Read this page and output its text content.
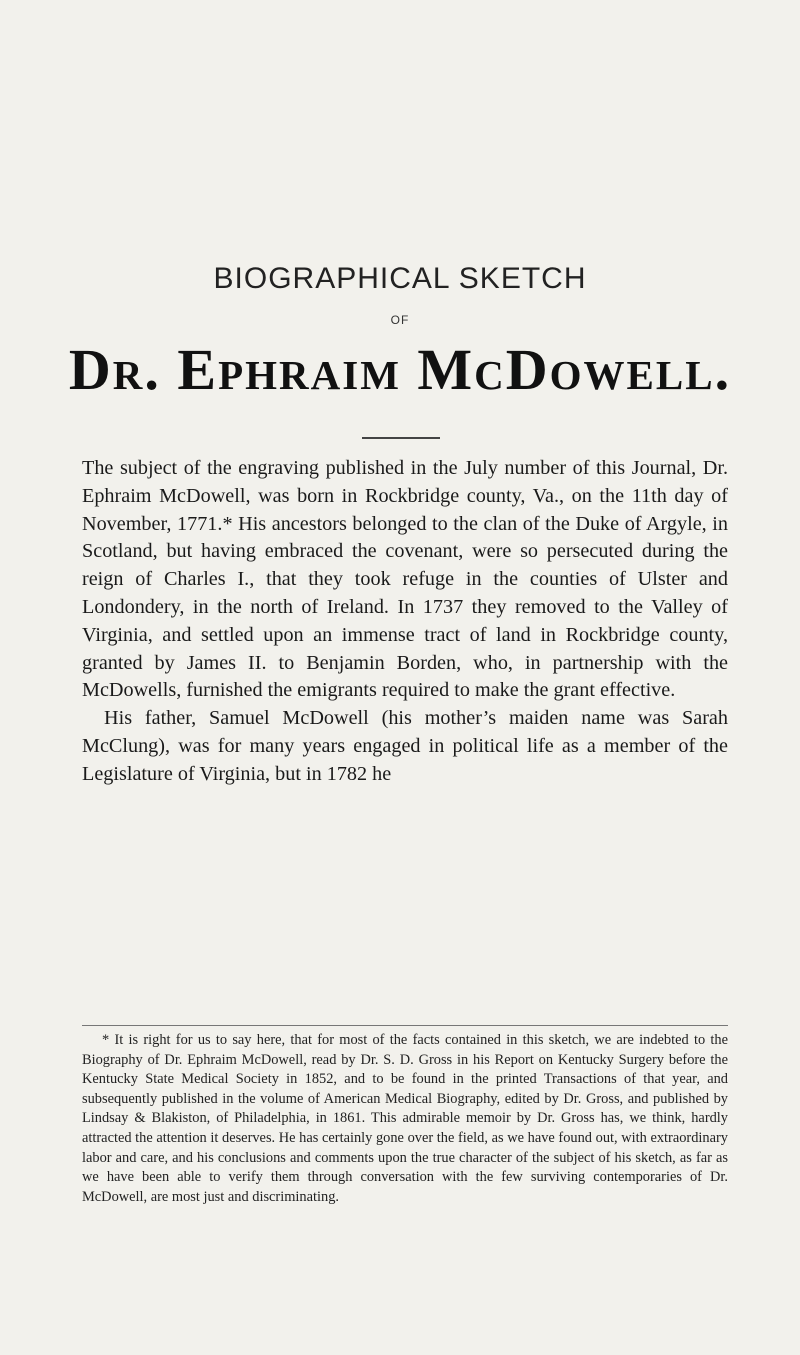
BIOGRAPHICAL SKETCH
OF
Dr. Ephraim McDowell.

The subject of the engraving published in the July number of this Journal, Dr. Ephraim McDowell, was born in Rockbridge county, Va., on the 11th day of November, 1771.* His ancestors belonged to the clan of the Duke of Argyle, in Scotland, but having embraced the covenant, were so persecuted during the reign of Charles I., that they took refuge in the counties of Ulster and Londondery, in the north of Ireland. In 1737 they removed to the Valley of Virginia, and settled upon an immense tract of land in Rockbridge county, granted by James II. to Benjamin Borden, who, in partnership with the McDowells, furnished the emigrants required to make the grant effective.

His father, Samuel McDowell (his mother’s maiden name was Sarah McClung), was for many years engaged in political life as a member of the Legislature of Virginia, but in 1782 he

* It is right for us to say here, that for most of the facts contained in this sketch, we are indebted to the Biography of Dr. Ephraim McDowell, read by Dr. S. D. Gross in his Report on Kentucky Surgery before the Kentucky State Medical Society in 1852, and to be found in the printed Transactions of that year, and subsequently published in the volume of American Medical Biography, edited by Dr. Gross, and published by Lindsay & Blakiston, of Philadelphia, in 1861. This admirable memoir by Dr. Gross has, we think, hardly attracted the attention it deserves. He has certainly gone over the field, as we have found out, with extraordinary labor and care, and his conclusions and comments upon the true character of the subject of his sketch, as far as we have been able to verify them through conversation with the few surviving contemporaries of Dr. McDowell, are most just and discriminating.
